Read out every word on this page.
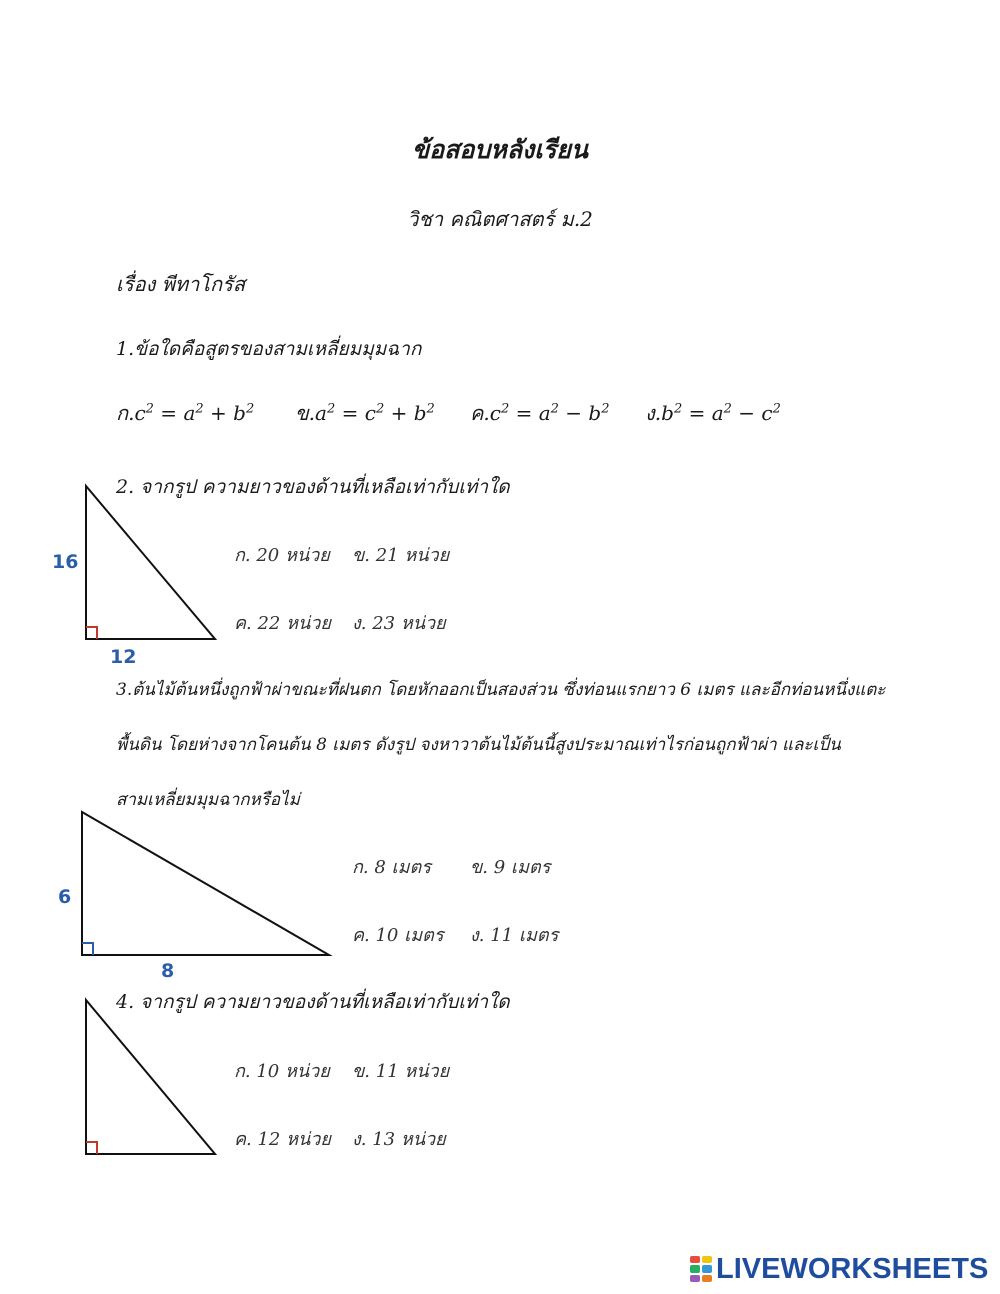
ข้อสอบหลังเรียน
วิชา คณิตศาสตร์ ม.2
เรื่อง พีทาโกรัส
1.ข้อใดคือสูตรของสามเหลี่ยมมุมฉาก
ก$.c^2 = a^2 + b^2$ ข$.a^2 = c^2 + b^2$ ค$.c^2 = a^2 - b^2$ ง$.b^2 = a^2 - c^2$
2. จากรูป ความยาวของด้านที่เหลือเท่ากับเท่าใด
16
12
ก. 20 หน่วย ข. 21 หน่วย
ค. 22 หน่วย ง. 23 หน่วย
3.ต้นไม้ต้นหนึ่งถูกฟ้าผ่าขณะที่ฝนตก โดยหักออกเป็นสองส่วน ซึ่งท่อนแรกยาว 6 เมตร และอีกท่อนหนึ่งแตะ
พื้นดิน โดยห่างจากโคนต้น 8 เมตร ดังรูป จงหาวาต้นไม้ต้นนี้สูงประมาณเท่าไรก่อนถูกฟ้าผ่า และเป็น
สามเหลี่ยมมุมฉากหรือไม่
6
8
ก. 8 เมตร ข. 9 เมตร
ค. 10 เมตร ง. 11 เมตร
4. จากรูป ความยาวของด้านที่เหลือเท่ากับเท่าใด
ก. 10 หน่วย ข. 11 หน่วย
ค. 12 หน่วย ง. 13 หน่วย
LIVEWORKSHEETS
